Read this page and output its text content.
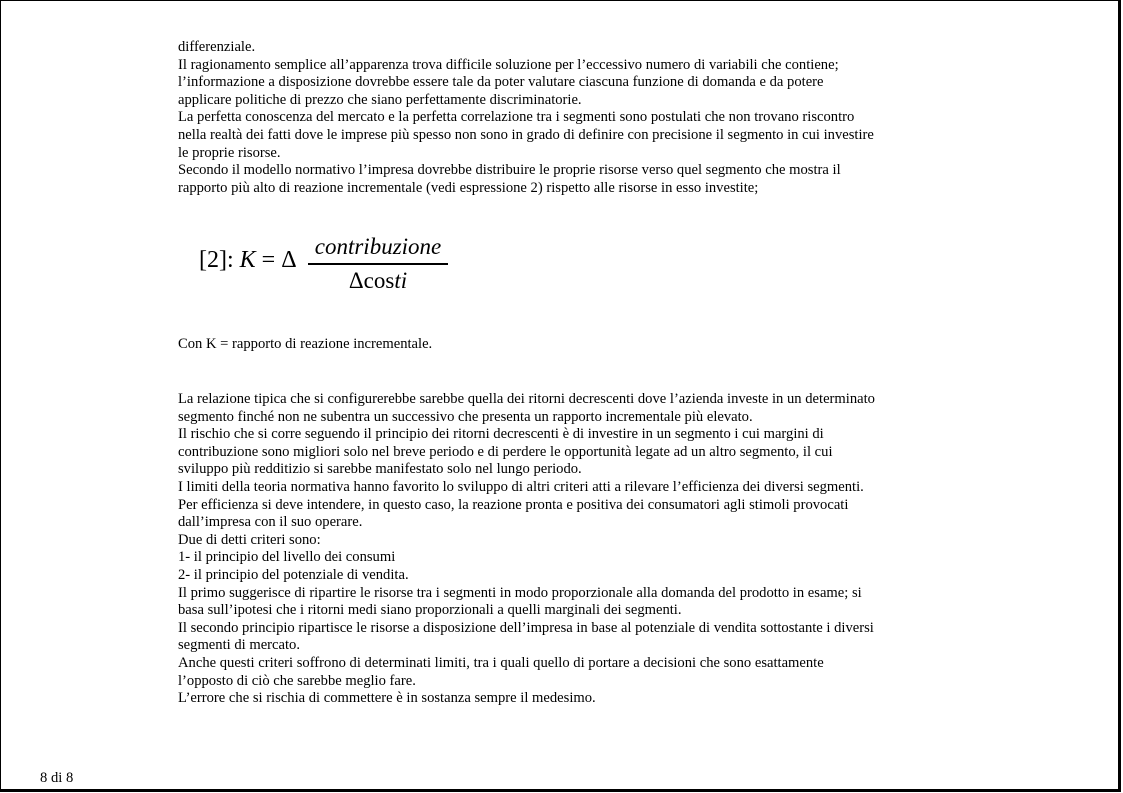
differenziale.

Il ragionamento semplice all’apparenza trova difficile soluzione per l’eccessivo numero di variabili che contiene;

l’informazione a disposizione dovrebbe essere tale da poter valutare ciascuna funzione di domanda e da potere

applicare politiche di prezzo che siano perfettamente discriminatorie.

La perfetta conoscenza del mercato e la perfetta correlazione tra i segmenti sono postulati che non trovano riscontro

nella realtà dei fatti dove le imprese più spesso non sono in grado di definire con precisione il segmento in cui investire

le proprie risorse.

Secondo il modello normativo l’impresa dovrebbe distribuire le proprie risorse verso quel segmento che mostra il

rapporto più alto di reazione incrementale (vedi espressione 2) rispetto alle risorse in esso investite;

[2]: K = Δ
contribuzione
Δcosti
Con K = rapporto di reazione incrementale.

La relazione tipica che si configurerebbe sarebbe quella dei ritorni decrescenti dove l’azienda investe in un determinato

segmento finché non ne subentra un successivo che presenta un rapporto incrementale più elevato.

Il rischio che si corre seguendo il principio dei ritorni decrescenti è di investire in un segmento i cui margini di

contribuzione sono migliori solo nel breve periodo e di perdere le opportunità legate ad un altro segmento, il cui

sviluppo più redditizio si sarebbe manifestato solo nel lungo periodo.

I limiti della teoria normativa hanno favorito lo sviluppo di altri criteri atti a rilevare l’efficienza dei diversi segmenti.

Per efficienza si deve intendere, in questo caso, la reazione pronta e positiva dei consumatori agli stimoli provocati

dall’impresa con il suo operare.

Due di detti criteri sono:

1- il principio del livello dei consumi

2- il principio del potenziale di vendita.

Il primo suggerisce di ripartire le risorse tra i segmenti in modo proporzionale alla domanda del prodotto in esame; si

basa sull’ipotesi che i ritorni medi siano proporzionali a quelli marginali dei segmenti.

Il secondo principio ripartisce le risorse a disposizione dell’impresa in base al potenziale di vendita sottostante i diversi

segmenti di mercato.

Anche questi criteri soffrono di determinati limiti, tra i quali quello di portare a decisioni che sono esattamente

l’opposto di ciò che sarebbe meglio fare.

L’errore che si rischia di commettere è in sostanza sempre il medesimo.

8 di 8
